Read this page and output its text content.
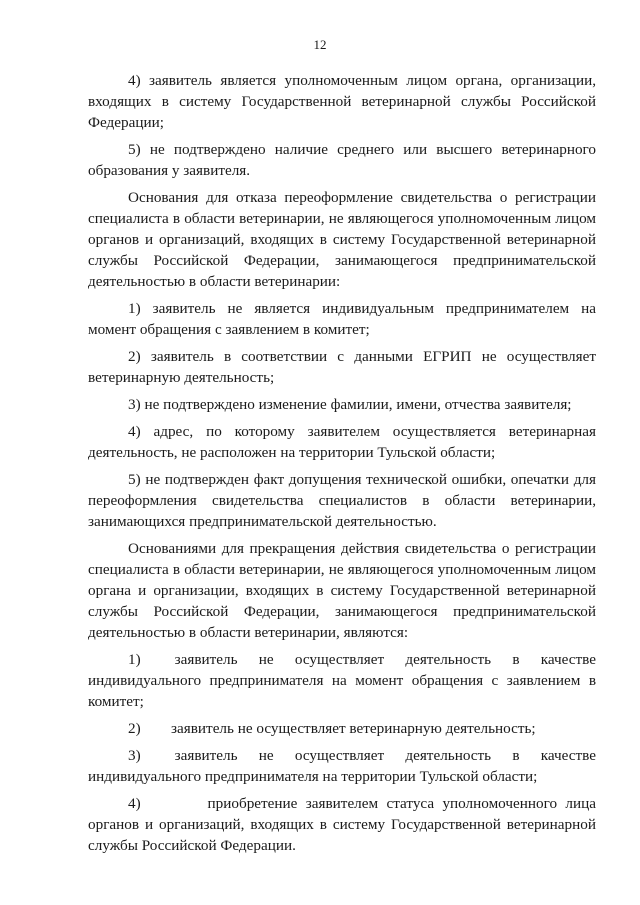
12

4) заявитель является уполномоченным лицом органа, организации, входящих в систему Государственной ветеринарной службы Российской Федерации;

5) не подтверждено наличие среднего или высшего ветеринарного образования у заявителя.

Основания для отказа переоформление свидетельства о регистрации специалиста в области ветеринарии, не являющегося уполномоченным лицом органов и организаций, входящих в систему Государственной ветеринарной службы Российской Федерации, занимающегося предпринимательской деятельностью в области ветеринарии:

1) заявитель не является индивидуальным предпринимателем на момент обращения с заявлением в комитет;

2) заявитель в соответствии с данными ЕГРИП не осуществляет ветеринарную деятельность;

3) не подтверждено изменение фамилии, имени, отчества заявителя;

4) адрес, по которому заявителем осуществляется ветеринарная деятельность, не расположен на территории Тульской области;

5) не подтвержден факт допущения технической ошибки, опечатки для переоформления свидетельства специалистов в области ветеринарии, занимающихся предпринимательской деятельностью.

Основаниями для прекращения действия свидетельства о регистрации специалиста в области ветеринарии, не являющегося уполномоченным лицом органа и организации, входящих в систему Государственной ветеринарной службы Российской Федерации, занимающегося предпринимательской деятельностью в области ветеринарии, являются:

1)        заявитель     не     осуществляет     деятельность     в     качестве индивидуального предпринимателя на момент обращения с заявлением в комитет;

2)        заявитель не осуществляет ветеринарную деятельность;

3)        заявитель     не     осуществляет     деятельность     в     качестве индивидуального предпринимателя на территории Тульской области;

4)        приобретение заявителем статуса уполномоченного лица органов и организаций, входящих в систему Государственной ветеринарной службы Российской Федерации.
